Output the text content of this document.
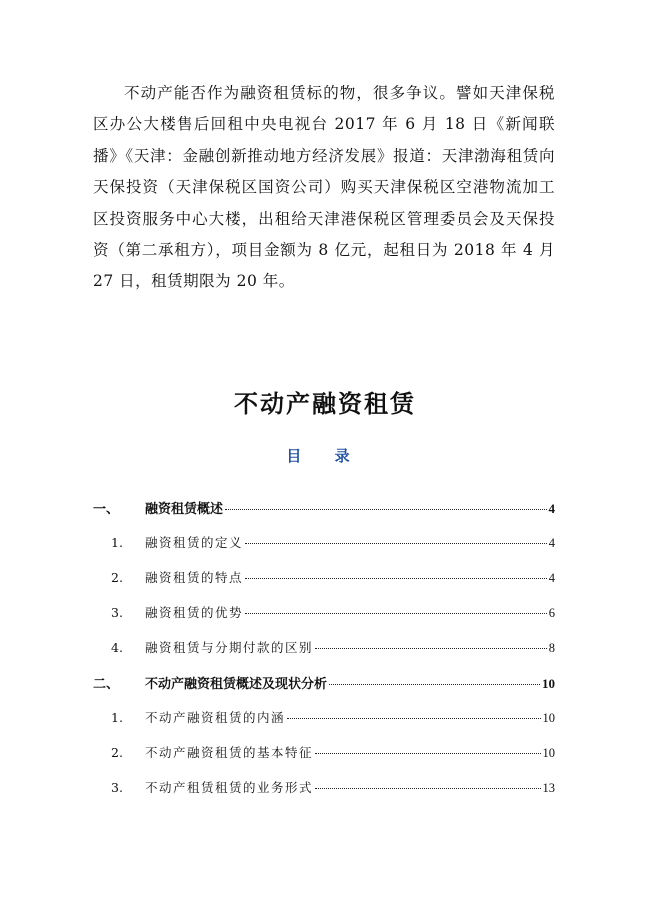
不动产能否作为融资租赁标的物，很多争议。譬如天津保税区办公大楼售后回租中央电视台 2017 年 6 月 18 日《新闻联播》《天津：金融创新推动地方经济发展》报道：天津渤海租赁向天保投资（天津保税区国资公司）购买天津保税区空港物流加工区投资服务中心大楼，出租给天津港保税区管理委员会及天保投资（第二承租方），项目金额为 8 亿元，起租日为 2018 年 4 月 27 日，租赁期限为 20 年。

不动产融资租赁
目 录
一、	融资租赁概述	4
1.	融资租赁的定义	4
2.	融资租赁的特点	4
3.	融资租赁的优势	6
4.	融资租赁与分期付款的区别	8
二、	不动产融资租赁概述及现状分析	10
1.	不动产融资租赁的内涵	10
2.	不动产融资租赁的基本特征	10
3.	不动产租赁租赁的业务形式	13
